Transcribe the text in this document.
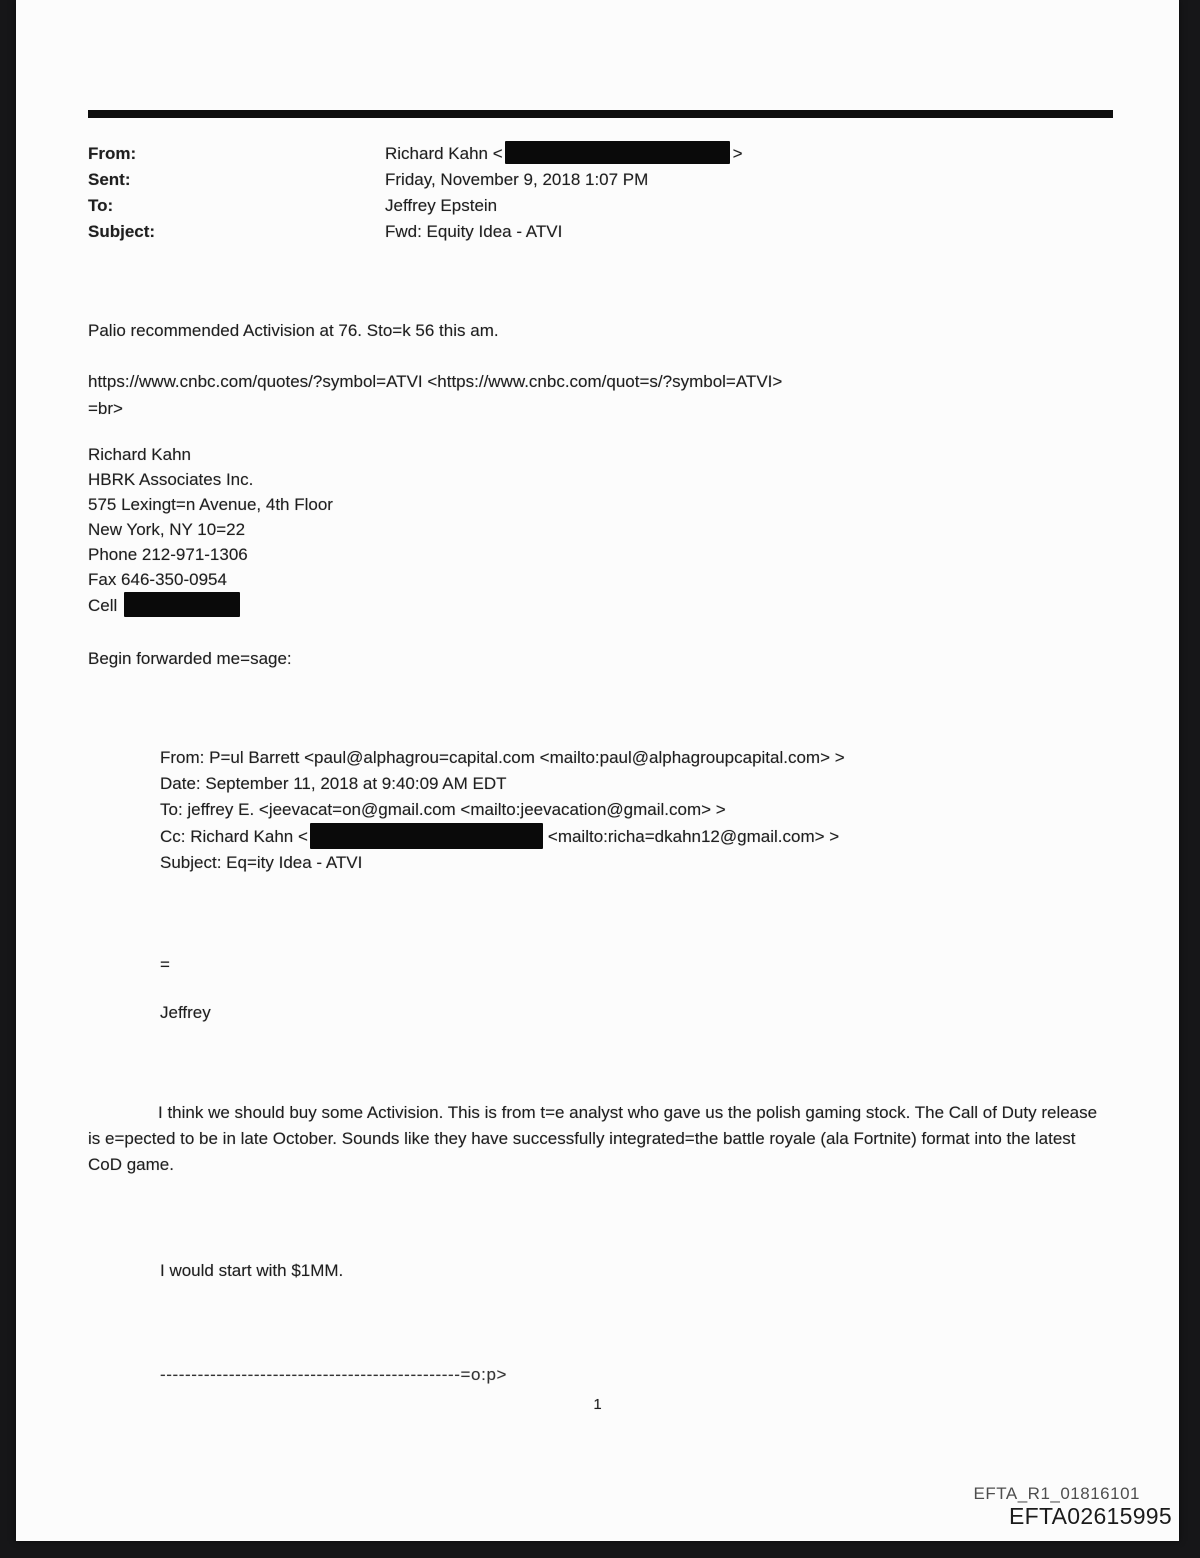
From:	Richard Kahn <	>
Sent:	Friday, November 9, 2018 1:07 PM
To:	Jeffrey Epstein
Subject:	Fwd: Equity Idea - ATVI
Palio recommended Activision at 76. Sto=k 56 this am.
https://www.cnbc.com/quotes/?symbol=ATVI <https://www.cnbc.com/quot=s/?symbol=ATVI>
=br>
Richard Kahn
HBRK Associates Inc.
575 Lexingt=n Avenue, 4th Floor
New York, NY 10=22
Phone 212-971-1306
Fax 646-350-0954
Cell
Begin forwarded me=sage:
From: P=ul Barrett <paul@alphagrou=capital.com <mailto:paul@alphagroupcapital.com> >
Date: September 11, 2018 at 9:40:09 AM EDT
To: jeffrey E. <jeevacat=on@gmail.com <mailto:jeevacation@gmail.com> >
Cc: Richard Kahn <	<mailto:richa=dkahn12@gmail.com> >
Subject: Eq=ity Idea - ATVI
=
Jeffrey
I think we should buy some Activision. This is from t=e analyst who gave us the polish gaming stock. The Call of Duty release is e=pected to be in late October. Sounds like they have successfully integrated=the battle royale (ala Fortnite) format into the latest CoD game.
I would start with $1MM.
------------------------------------------------=o:p>
1
EFTA_R1_01816101
EFTA02615995
